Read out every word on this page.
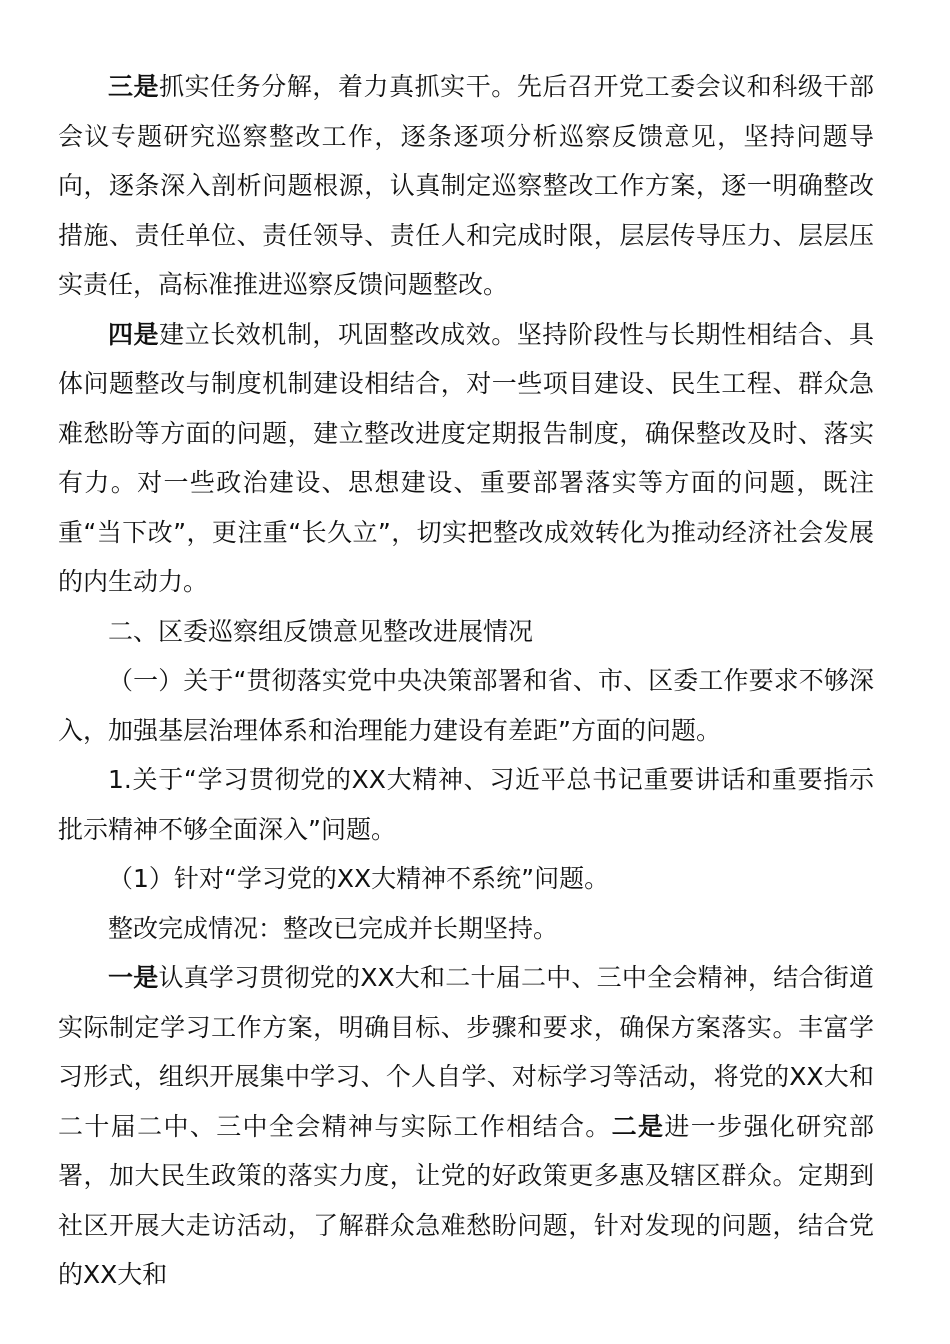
三是抓实任务分解，着力真抓实干。先后召开党工委会议和科级干部会议专题研究巡察整改工作，逐条逐项分析巡察反馈意见，坚持问题导向，逐条深入剖析问题根源，认真制定巡察整改工作方案，逐一明确整改措施、责任单位、责任领导、责任人和完成时限，层层传导压力、层层压实责任，高标准推进巡察反馈问题整改。

四是建立长效机制，巩固整改成效。坚持阶段性与长期性相结合、具体问题整改与制度机制建设相结合，对一些项目建设、民生工程、群众急难愁盼等方面的问题，建立整改进度定期报告制度，确保整改及时、落实有力。对一些政治建设、思想建设、重要部署落实等方面的问题，既注重“当下改”，更注重“长久立”，切实把整改成效转化为推动经济社会发展的内生动力。

二、区委巡察组反馈意见整改进展情况

（一）关于“贯彻落实党中央决策部署和省、市、区委工作要求不够深入，加强基层治理体系和治理能力建设有差距”方面的问题。

1.关于“学习贯彻党的XX大精神、习近平总书记重要讲话和重要指示批示精神不够全面深入”问题。

（1）针对“学习党的XX大精神不系统”问题。

整改完成情况：整改已完成并长期坚持。

一是认真学习贯彻党的XX大和二十届二中、三中全会精神，结合街道实际制定学习工作方案，明确目标、步骤和要求，确保方案落实。丰富学习形式，组织开展集中学习、个人自学、对标学习等活动，将党的XX大和二十届二中、三中全会精神与实际工作相结合。二是进一步强化研究部署，加大民生政策的落实力度，让党的好政策更多惠及辖区群众。定期到社区开展大走访活动，了解群众急难愁盼问题，针对发现的问题，结合党的XX大和
